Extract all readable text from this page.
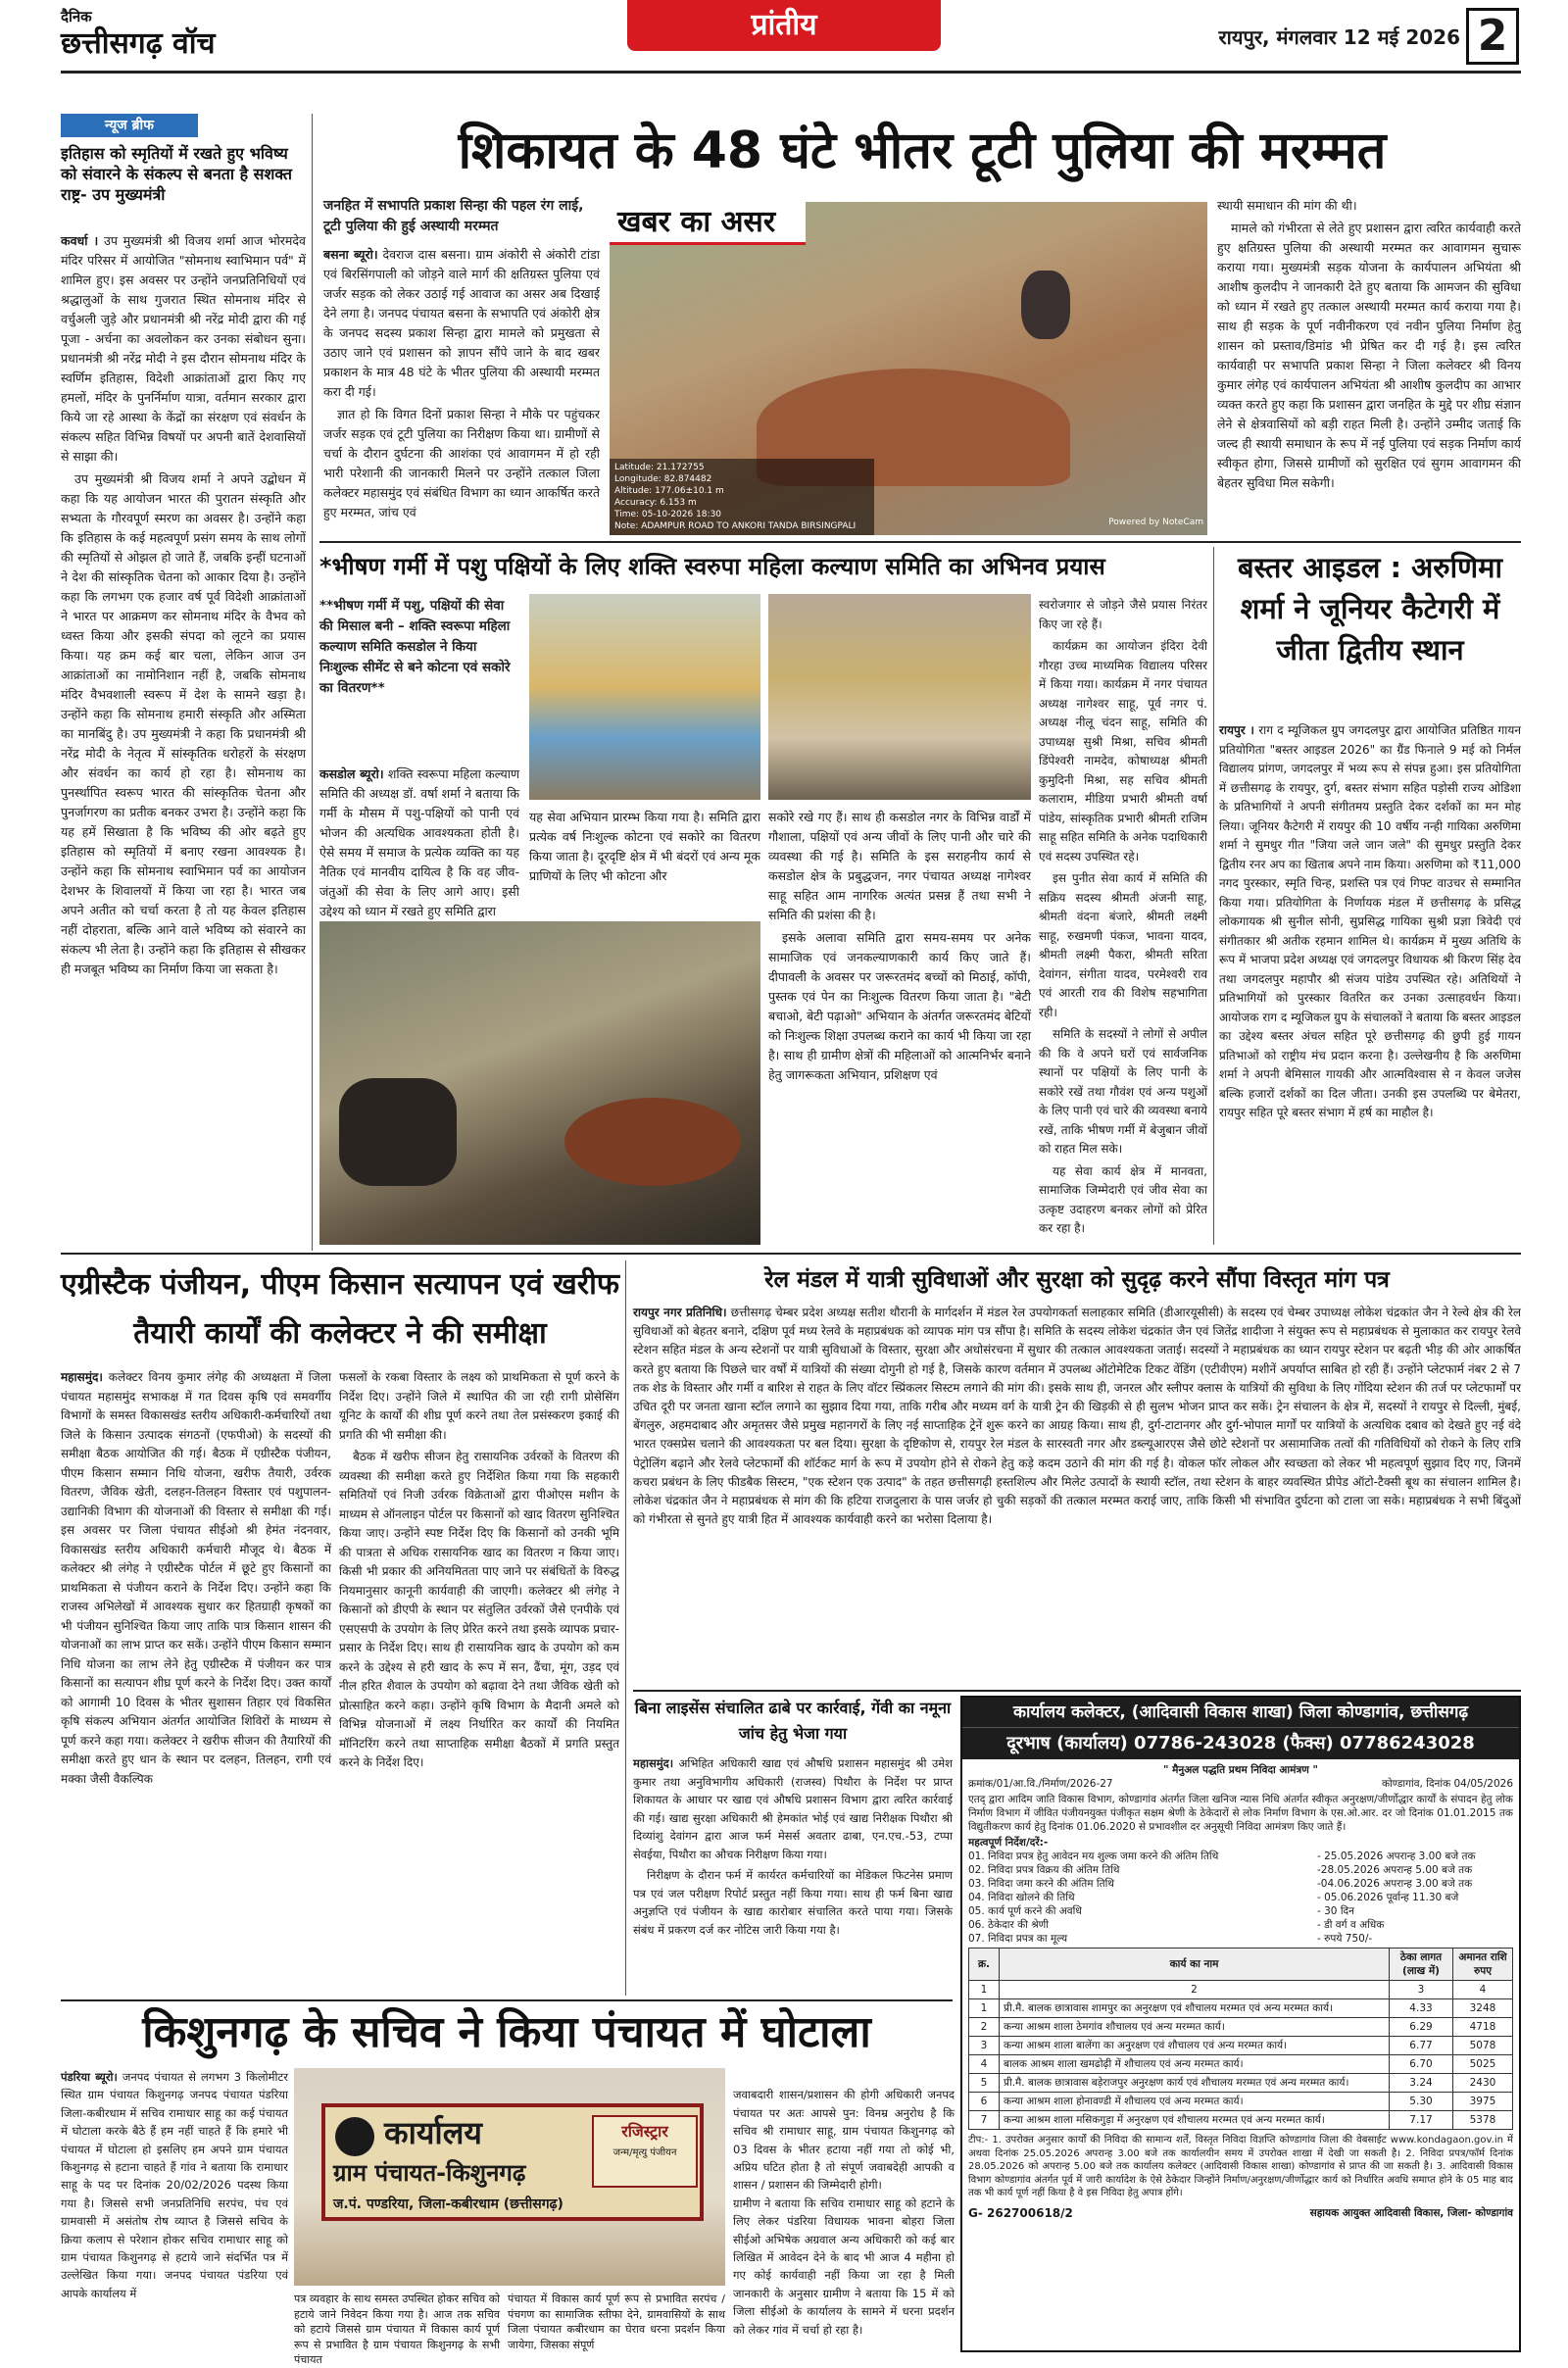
दैनिक
छत्तीसगढ़ वॉच
प्रांतीय	रायपुर, मंगलवार 12 मई 2026 2
न्यूज ब्रीफ
इतिहास को स्मृतियों में रखते हुए भविष्य को संवारने के संकल्प से बनता है सशक्त राष्ट्र- उप मुख्यमंत्री

कवर्धा । उप मुख्यमंत्री श्री विजय शर्मा आज भोरमदेव मंदिर परिसर में आयोजित "सोमनाथ स्वाभिमान पर्व" में शामिल हुए। इस अवसर पर उन्होंने जनप्रतिनिधियों एवं श्रद्धालुओं के साथ गुजरात स्थित सोमनाथ मंदिर से वर्चुअली जुड़े और प्रधानमंत्री श्री नरेंद्र मोदी द्वारा की गई पूजा - अर्चना का अवलोकन कर उनका संबोधन सुना। प्रधानमंत्री श्री नरेंद्र मोदी ने इस दौरान सोमनाथ मंदिर के स्वर्णिम इतिहास, विदेशी आक्रांताओं द्वारा किए गए हमलों, मंदिर के पुनर्निर्माण यात्रा, वर्तमान सरकार द्वारा किये जा रहे आस्था के केंद्रों का संरक्षण एवं संवर्धन के संकल्प सहित विभिन्न विषयों पर अपनी बातें देशवासियों से साझा की।

उप मुख्यमंत्री श्री विजय शर्मा ने अपने उद्बोधन में कहा कि यह आयोजन भारत की पुरातन संस्कृति और सभ्यता के गौरवपूर्ण स्मरण का अवसर है। उन्होंने कहा कि इतिहास के कई महत्वपूर्ण प्रसंग समय के साथ लोगों की स्मृतियों से ओझल हो जाते हैं, जबकि इन्हीं घटनाओं ने देश की सांस्कृतिक चेतना को आकार दिया है। उन्होंने कहा कि लगभग एक हजार वर्ष पूर्व विदेशी आक्रांताओं ने भारत पर आक्रमण कर सोमनाथ मंदिर के वैभव को ध्वस्त किया और इसकी संपदा को लूटने का प्रयास किया। यह क्रम कई बार चला, लेकिन आज उन आक्रांताओं का नामोनिशान नहीं है, जबकि सोमनाथ मंदिर वैभवशाली स्वरूप में देश के सामने खड़ा है। उन्होंने कहा कि सोमनाथ हमारी संस्कृति और अस्मिता का मानबिंदु है। उप मुख्यमंत्री ने कहा कि प्रधानमंत्री श्री नरेंद्र मोदी के नेतृत्व में सांस्कृतिक धरोहरों के संरक्षण और संवर्धन का कार्य हो रहा है। सोमनाथ का पुनर्स्थापित स्वरूप भारत की सांस्कृतिक चेतना और पुनर्जागरण का प्रतीक बनकर उभरा है। उन्होंने कहा कि यह हमें सिखाता है कि भविष्य की ओर बढ़ते हुए इतिहास को स्मृतियों में बनाए रखना आवश्यक है। उन्होंने कहा कि सोमनाथ स्वाभिमान पर्व का आयोजन देशभर के शिवालयों में किया जा रहा है। भारत जब अपने अतीत को चर्चा करता है तो यह केवल इतिहास नहीं दोहराता, बल्कि आने वाले भविष्य को संवारने का संकल्प भी लेता है। उन्होंने कहा कि इतिहास से सीखकर ही मजबूत भविष्य का निर्माण किया जा सकता है।

शिकायत के 48 घंटे भीतर टूटी पुलिया की मरम्मत
जनहित में सभापति प्रकाश सिन्हा की पहल रंग लाई, टूटी पुलिया की हुई अस्थायी मरम्मत

बसना ब्यूरो। देवराज दास बसना। ग्राम अंकोरी से अंकोरी टांडा एवं बिरसिंगपाली को जोड़ने वाले मार्ग की क्षतिग्रस्त पुलिया एवं जर्जर सड़क को लेकर उठाई गई आवाज का असर अब दिखाई देने लगा है। जनपद पंचायत बसना के सभापति एवं अंकोरी क्षेत्र के जनपद सदस्य प्रकाश सिन्हा द्वारा मामले को प्रमुखता से उठाए जाने एवं प्रशासन को ज्ञापन सौंपे जाने के बाद खबर प्रकाशन के मात्र 48 घंटे के भीतर पुलिया की अस्थायी मरम्मत करा दी गई।

ज्ञात हो कि विगत दिनों प्रकाश सिन्हा ने मौके पर पहुंचकर जर्जर सड़क एवं टूटी पुलिया का निरीक्षण किया था। ग्रामीणों से चर्चा के दौरान दुर्घटना की आशंका एवं आवागमन में हो रही भारी परेशानी की जानकारी मिलने पर उन्होंने तत्काल जिला कलेक्टर महासमुंद एवं संबंधित विभाग का ध्यान आकर्षित करते हुए मरम्मत, जांच एवं

खबर का असर
Latitude: 21.172755
Longitude: 82.874482
Altitude: 177.06±10.1 m
Accuracy: 6.153 m
Time: 05-10-2026 18:30
Note: ADAMPUR ROAD TO ANKORI TANDA BIRSINGPALI	Powered by NoteCam

स्थायी समाधान की मांग की थी।

मामले को गंभीरता से लेते हुए प्रशासन द्वारा त्वरित कार्यवाही करते हुए क्षतिग्रस्त पुलिया की अस्थायी मरम्मत कर आवागमन सुचारू कराया गया। मुख्यमंत्री सड़क योजना के कार्यपालन अभियंता श्री आशीष कुलदीप ने जानकारी देते हुए बताया कि आमजन की सुविधा को ध्यान में रखते हुए तत्काल अस्थायी मरम्मत कार्य कराया गया है। साथ ही सड़क के पूर्ण नवीनीकरण एवं नवीन पुलिया निर्माण हेतु शासन को प्रस्ताव/डिमांड भी प्रेषित कर दी गई है। इस त्वरित कार्यवाही पर सभापति प्रकाश सिन्हा ने जिला कलेक्टर श्री विनय कुमार लंगेह एवं कार्यपालन अभियंता श्री आशीष कुलदीप का आभार व्यक्त करते हुए कहा कि प्रशासन द्वारा जनहित के मुद्दे पर शीघ्र संज्ञान लेने से क्षेत्रवासियों को बड़ी राहत मिली है। उन्होंने उम्मीद जताई कि जल्द ही स्थायी समाधान के रूप में नई पुलिया एवं सड़क निर्माण कार्य स्वीकृत होगा, जिससे ग्रामीणों को सुरक्षित एवं सुगम आवागमन की बेहतर सुविधा मिल सकेगी।

*भीषण गर्मी में पशु पक्षियों के लिए शक्ति स्वरुपा महिला कल्याण समिति का अभिनव प्रयास
**भीषण गर्मी में पशु, पक्षियों की सेवा की मिसाल बनी – शक्ति स्वरूपा महिला कल्याण समिति कसडोल ने किया निःशुल्क सीमेंट से बने कोटना एवं सकोरे का वितरण**

कसडोल ब्यूरो। शक्ति स्वरूपा महिला कल्याण समिति की अध्यक्ष डॉ. वर्षा शर्मा ने बताया कि गर्मी के मौसम में पशु-पक्षियों को पानी एवं भोजन की अत्यधिक आवश्यकता होती है। ऐसे समय में समाज के प्रत्येक व्यक्ति का यह नैतिक एवं मानवीय दायित्व है कि वह जीव-जंतुओं की सेवा के लिए आगे आए। इसी उद्देश्य को ध्यान में रखते हुए समिति द्वारा

यह सेवा अभियान प्रारम्भ किया गया है। समिति द्वारा प्रत्येक वर्ष निःशुल्क कोटना एवं सकोरे का वितरण किया जाता है। दूरदृष्टि क्षेत्र में भी बंदरों एवं अन्य मूक प्राणियों के लिए भी कोटना और

सकोरे रखे गए हैं। साथ ही कसडोल नगर के विभिन्न वार्डों में गौशाला, पक्षियों एवं अन्य जीवों के लिए पानी और चारे की व्यवस्था की गई है। समिति के इस सराहनीय कार्य से कसडोल क्षेत्र के प्रबुद्धजन, नगर पंचायत अध्यक्ष नागेश्वर साहू सहित आम नागरिक अत्यंत प्रसन्न हैं तथा सभी ने समिति की प्रशंसा की है।

इसके अलावा समिति द्वारा समय-समय पर अनेक सामाजिक एवं जनकल्याणकारी कार्य किए जाते हैं। दीपावली के अवसर पर जरूरतमंद बच्चों को मिठाई, कॉपी, पुस्तक एवं पेन का निःशुल्क वितरण किया जाता है। "बेटी बचाओ, बेटी पढ़ाओ" अभियान के अंतर्गत जरूरतमंद बेटियों को निःशुल्क शिक्षा उपलब्ध कराने का कार्य भी किया जा रहा है। साथ ही ग्रामीण क्षेत्रों की महिलाओं को आत्मनिर्भर बनाने हेतु जागरूकता अभियान, प्रशिक्षण एवं

स्वरोजगार से जोड़ने जैसे प्रयास निरंतर किए जा रहे हैं।

कार्यक्रम का आयोजन इंदिरा देवी गौरहा उच्च माध्यमिक विद्यालय परिसर में किया गया। कार्यक्रम में नगर पंचायत अध्यक्ष नागेश्वर साहू, पूर्व नगर पं. अध्यक्ष नीलू चंदन साहू, समिति की उपाध्यक्ष सुश्री मिश्रा, सचिव श्रीमती डिंपेश्वरी नामदेव, कोषाध्यक्ष श्रीमती कुमुदिनी मिश्रा, सह सचिव श्रीमती कलाराम, मीडिया प्रभारी श्रीमती वर्षा पांडेय, सांस्कृतिक प्रभारी श्रीमती राजिम साहू सहित समिति के अनेक पदाधिकारी एवं सदस्य उपस्थित रहे।

इस पुनीत सेवा कार्य में समिति की सक्रिय सदस्य श्रीमती अंजनी साहू, श्रीमती वंदना बंजारे, श्रीमती लक्ष्मी साहू, रुखमणी पंकज, भावना यादव, श्रीमती लक्ष्मी पैकरा, श्रीमती सरिता देवांगन, संगीता यादव, परमेश्वरी राव एवं आरती राव की विशेष सहभागिता रही।

समिति के सदस्यों ने लोगों से अपील की कि वे अपने घरों एवं सार्वजनिक स्थानों पर पक्षियों के लिए पानी के सकोरे रखें तथा गौवंश एवं अन्य पशुओं के लिए पानी एवं चारे की व्यवस्था बनाये रखें, ताकि भीषण गर्मी में बेजुबान जीवों को राहत मिल सके।

यह सेवा कार्य क्षेत्र में मानवता, सामाजिक जिम्मेदारी एवं जीव सेवा का उत्कृष्ट उदाहरण बनकर लोगों को प्रेरित कर रहा है।

बस्तर आइडल : अरुणिमा शर्मा ने जूनियर कैटेगरी में जीता द्वितीय स्थान

रायपुर । राग द म्यूजिकल ग्रुप जगदलपुर द्वारा आयोजित प्रतिष्ठित गायन प्रतियोगिता "बस्तर आइडल 2026" का ग्रैंड फिनाले 9 मई को निर्मल विद्यालय प्रांगण, जगदलपुर में भव्य रूप से संपन्न हुआ। इस प्रतियोगिता में छत्तीसगढ़ के रायपुर, दुर्ग, बस्तर संभाग सहित पड़ोसी राज्य ओडिशा के प्रतिभागियों ने अपनी संगीतमय प्रस्तुति देकर दर्शकों का मन मोह लिया। जूनियर कैटेगरी में रायपुर की 10 वर्षीय नन्ही गायिका अरुणिमा शर्मा ने सुमधुर गीत "जिया जले जान जले" की सुमधुर प्रस्तुति देकर द्वितीय रनर अप का खिताब अपने नाम किया। अरुणिमा को ₹11,000 नगद पुरस्कार, स्मृति चिन्ह, प्रशस्ति पत्र एवं गिफ्ट वाउचर से सम्मानित किया गया। प्रतियोगिता के निर्णायक मंडल में छत्तीसगढ़ के प्रसिद्ध लोकगायक श्री सुनील सोनी, सुप्रसिद्ध गायिका सुश्री प्रज्ञा त्रिवेदी एवं संगीतकार श्री अतीक रहमान शामिल थे। कार्यक्रम में मुख्य अतिथि के रूप में भाजपा प्रदेश अध्यक्ष एवं जगदलपुर विधायक श्री किरण सिंह देव तथा जगदलपुर महापौर श्री संजय पांडेय उपस्थित रहे। अतिथियों ने प्रतिभागियों को पुरस्कार वितरित कर उनका उत्साहवर्धन किया। आयोजक राग द म्यूजिकल ग्रुप के संचालकों ने बताया कि बस्तर आइडल का उद्देश्य बस्तर अंचल सहित पूरे छत्तीसगढ़ की छुपी हुई गायन प्रतिभाओं को राष्ट्रीय मंच प्रदान करना है। उल्लेखनीय है कि अरुणिमा शर्मा ने अपनी बेमिसाल गायकी और आत्मविश्वास से न केवल जजेस बल्कि हजारों दर्शकों का दिल जीता। उनकी इस उपलब्धि पर बेमेतरा, रायपुर सहित पूरे बस्तर संभाग में हर्ष का माहौल है।

एग्रीस्टैक पंजीयन, पीएम किसान सत्यापन एवं खरीफ तैयारी कार्यों की कलेक्टर ने की समीक्षा

महासमुंद। कलेक्टर विनय कुमार लंगेह की अध्यक्षता में जिला पंचायत महासमुंद सभाकक्ष में गत दिवस कृषि एवं समवर्गीय विभागों के समस्त विकासखंड स्तरीय अधिकारी-कर्मचारियों तथा जिले के किसान उत्पादक संगठनों (एफपीओ) के सदस्यों की समीक्षा बैठक आयोजित की गई। बैठक में एग्रीस्टैक पंजीयन, पीएम किसान सम्मान निधि योजना, खरीफ तैयारी, उर्वरक वितरण, जैविक खेती, दलहन-तिलहन विस्तार एवं पशुपालन-उद्यानिकी विभाग की योजनाओं की विस्तार से समीक्षा की गई। इस अवसर पर जिला पंचायत सीईओ श्री हेमंत नंदनवार, विकासखंड स्तरीय अधिकारी कर्मचारी मौजूद थे। बैठक में कलेक्टर श्री लंगेह ने एग्रीस्टैक पोर्टल में छूटे हुए किसानों का प्राथमिकता से पंजीयन कराने के निर्देश दिए। उन्होंने कहा कि राजस्व अभिलेखों में आवश्यक सुधार कर हितग्राही कृषकों का भी पंजीयन सुनिश्चित किया जाए ताकि पात्र किसान शासन की योजनाओं का लाभ प्राप्त कर सकें। उन्होंने पीएम किसान सम्मान निधि योजना का लाभ लेने हेतु एग्रीस्टैक में पंजीयन कर पात्र किसानों का सत्यापन शीघ्र पूर्ण करने के निर्देश दिए। उक्त कार्यों को आगामी 10 दिवस के भीतर सुशासन तिहार एवं विकसित कृषि संकल्प अभियान अंतर्गत आयोजित शिविरों के माध्यम से पूर्ण करने कहा गया। कलेक्टर ने खरीफ सीजन की तैयारियों की समीक्षा करते हुए धान के स्थान पर दलहन, तिलहन, रागी एवं मक्का जैसी वैकल्पिक

फसलों के रकबा विस्तार के लक्ष्य को प्राथमिकता से पूर्ण करने के निर्देश दिए। उन्होंने जिले में स्थापित की जा रही रागी प्रोसेसिंग यूनिट के कार्यों की शीघ्र पूर्ण करने तथा तेल प्रसंस्करण इकाई की प्रगति की भी समीक्षा की।

बैठक में खरीफ सीजन हेतु रासायनिक उर्वरकों के वितरण की व्यवस्था की समीक्षा करते हुए निर्देशित किया गया कि सहकारी समितियों एवं निजी उर्वरक विक्रेताओं द्वारा पीओएस मशीन के माध्यम से ऑनलाइन पोर्टल पर किसानों को खाद वितरण सुनिश्चित किया जाए। उन्होंने स्पष्ट निर्देश दिए कि किसानों को उनकी भूमि की पात्रता से अधिक रासायनिक खाद का वितरण न किया जाए। किसी भी प्रकार की अनियमितता पाए जाने पर संबंधितों के विरुद्ध नियमानुसार कानूनी कार्यवाही की जाएगी। कलेक्टर श्री लंगेह ने किसानों को डीएपी के स्थान पर संतुलित उर्वरकों जैसे एनपीके एवं एसएसपी के उपयोग के लिए प्रेरित करने तथा इसके व्यापक प्रचार-प्रसार के निर्देश दिए। साथ ही रासायनिक खाद के उपयोग को कम करने के उद्देश्य से हरी खाद के रूप में सन, ढैंचा, मूंग, उड़द एवं नील हरित शैवाल के उपयोग को बढ़ावा देने तथा जैविक खेती को प्रोत्साहित करने कहा। उन्होंने कृषि विभाग के मैदानी अमले को विभिन्न योजनाओं में लक्ष्य निर्धारित कर कार्यों की नियमित मॉनिटरिंग करने तथा साप्ताहिक समीक्षा बैठकों में प्रगति प्रस्तुत करने के निर्देश दिए।

रेल मंडल में यात्री सुविधाओं और सुरक्षा को सुदृढ़ करने सौंपा विस्तृत मांग पत्र

रायपुर नगर प्रतिनिधि। छत्तीसगढ़ चेम्बर प्रदेश अध्यक्ष सतीश थौरानी के मार्गदर्शन में मंडल रेल उपयोगकर्ता सलाहकार समिति (डीआरयूसीसी) के सदस्य एवं चेम्बर उपाध्यक्ष लोकेश चंद्रकांत जैन ने रेल्वे क्षेत्र की रेल सुविधाओं को बेहतर बनाने, दक्षिण पूर्व मध्य रेलवे के महाप्रबंधक को व्यापक मांग पत्र सौंपा है। समिति के सदस्य लोकेश चंद्रकांत जैन एवं जितेंद्र शादीजा ने संयुक्त रूप से महाप्रबंधक से मुलाकात कर रायपुर रेलवे स्टेशन सहित मंडल के अन्य स्टेशनों पर यात्री सुविधाओं के विस्तार, सुरक्षा और अधोसंरचना में सुधार की तत्काल आवश्यकता जताई। सदस्यों ने महाप्रबंधक का ध्यान रायपुर स्टेशन पर बढ़ती भीड़ की ओर आकर्षित करते हुए बताया कि पिछले चार वर्षों में यात्रियों की संख्या दोगुनी हो गई है, जिसके कारण वर्तमान में उपलब्ध ऑटोमेटिक टिकट वेंडिंग (एटीवीएम) मशीनें अपर्याप्त साबित हो रही हैं। उन्होंने प्लेटफार्म नंबर 2 से 7 तक शेड के विस्तार और गर्मी व बारिश से राहत के लिए वॉटर स्प्रिंकलर सिस्टम लगाने की मांग की। इसके साथ ही, जनरल और स्लीपर क्लास के यात्रियों की सुविधा के लिए गोंदिया स्टेशन की तर्ज पर प्लेटफार्मों पर उचित दूरी पर जनता खाना स्टॉल लगाने का सुझाव दिया गया, ताकि गरीब और मध्यम वर्ग के यात्री ट्रेन की खिड़की से ही सुलभ भोजन प्राप्त कर सकें। ट्रेन संचालन के क्षेत्र में, सदस्यों ने रायपुर से दिल्ली, मुंबई, बेंगलुरु, अहमदाबाद और अमृतसर जैसे प्रमुख महानगरों के लिए नई साप्ताहिक ट्रेनें शुरू करने का आग्रह किया। साथ ही, दुर्ग-टाटानगर और दुर्ग-भोपाल मार्गों पर यात्रियों के अत्यधिक दबाव को देखते हुए नई वंदे भारत एक्सप्रेस चलाने की आवश्यकता पर बल दिया। सुरक्षा के दृष्टिकोण से, रायपुर रेल मंडल के सारस्वती नगर और डब्ल्यूआरएस जैसे छोटे स्टेशनों पर असामाजिक तत्वों की गतिविधियों को रोकने के लिए रात्रि पेट्रोलिंग बढ़ाने और रेलवे प्लेटफार्मों की शॉर्टकट मार्ग के रूप में उपयोग होने से रोकने हेतु कड़े कदम उठाने की मांग की गई है। वोकल फॉर लोकल और स्वच्छता को लेकर भी महत्वपूर्ण सुझाव दिए गए, जिनमें कचरा प्रबंधन के लिए फीडबैक सिस्टम, "एक स्टेशन एक उत्पाद" के तहत छत्तीसगढ़ी हस्तशिल्प और मिलेट उत्पादों के स्थायी स्टॉल, तथा स्टेशन के बाहर व्यवस्थित प्रीपेड ऑटो-टैक्सी बूथ का संचालन शामिल है। लोकेश चंद्रकांत जैन ने महाप्रबंधक से मांग की कि हटिया राजदुलारा के पास जर्जर हो चुकी सड़कों की तत्काल मरम्मत कराई जाए, ताकि किसी भी संभावित दुर्घटना को टाला जा सके। महाप्रबंधक ने सभी बिंदुओं को गंभीरता से सुनते हुए यात्री हित में आवश्यक कार्यवाही करने का भरोसा दिलाया है।

बिना लाइसेंस संचालित ढाबे पर कार्रवाई, गेंवी का नमूना जांच हेतु भेजा गया

महासमुंद। अभिहित अधिकारी खाद्य एवं औषधि प्रशासन महासमुंद श्री उमेश कुमार तथा अनुविभागीय अधिकारी (राजस्व) पिथौरा के निर्देश पर प्राप्त शिकायत के आधार पर खाद्य एवं औषधि प्रशासन विभाग द्वारा त्वरित कार्रवाई की गई। खाद्य सुरक्षा अधिकारी श्री हेमकांत भोई एवं खाद्य निरीक्षक पिथौरा श्री दिव्यांशु देवांगन द्वारा आज फर्म मेसर्स अवतार ढाबा, एन.एच.-53, टप्पा सेवईया, पिथौरा का औचक निरीक्षण किया गया।

निरीक्षण के दौरान फर्म में कार्यरत कर्मचारियों का मेडिकल फिटनेस प्रमाण पत्र एवं जल परीक्षण रिपोर्ट प्रस्तुत नहीं किया गया। साथ ही फर्म बिना खाद्य अनुज्ञप्ति एवं पंजीयन के खाद्य कारोबार संचालित करते पाया गया। जिसके संबंध में प्रकरण दर्ज कर नोटिस जारी किया गया है।

कार्यालय कलेक्टर, (आदिवासी विकास शाखा) जिला कोण्डागांव, छत्तीसगढ़
दूरभाष (कार्यालय) 07786-243028 (फैक्स) 07786243028
" मैनुअल पद्धति प्रथम निविदा आमंत्रण "
क्रमांक/01/आ.वि./निर्माण/2026-27	कोण्डागांव, दिनांक 04/05/2026
एतद् द्वारा आदिम जाति विकास विभाग, कोण्डागांव अंतर्गत जिला खनिज न्यास निधि अंतर्गत स्वीकृत अनुरक्षण/जीर्णोद्धार कार्यों के संपादन हेतु लोक निर्माण विभाग में जीवित पंजीयनयुक्त पंजीकृत सक्षम श्रेणी के ठेकेदारों से लोक निर्माण विभाग के एस.ओ.आर. दर जो दिनांक 01.01.2015 तक विद्युतीकरण कार्य हेतु दिनांक 01.06.2020 से प्रभावशील दर अनुसूची निविदा आमंत्रण किए जाते हैं।
महत्वपूर्ण निर्देश/दरें:-
01. निविदा प्रपत्र हेतु आवेदन मय शुल्क जमा करने की अंतिम तिथि	- 25.05.2026 अपरान्ह 3.00 बजे तक
02. निविदा प्रपत्र विक्रय की अंतिम तिथि	-28.05.2026 अपरान्ह 5.00 बजे तक
03. निविदा जमा करने की अंतिम तिथि	-04.06.2026 अपरान्ह 3.00 बजे तक
04. निविदा खोलने की तिथि	- 05.06.2026 पूर्वान्ह 11.30 बजे
05. कार्य पूर्ण करने की अवधि	- 30 दिन
06. ठेकेदार की श्रेणी	- डी वर्ग व अधिक
07. निविदा प्रपत्र का मूल्य	- रुपये 750/-
क्र.	कार्य का नाम	ठेका लागत (लाख में)	अमानत राशि रुपए
1	2	3	4
1	प्री.मै. बालक छात्रावास शामपुर का अनुरक्षण एवं शौचालय मरम्मत एवं अन्य मरम्मत कार्य।	4.33	3248
2	कन्या आश्रम शाला ठेमगांव शौचालय एवं अन्य मरम्मत कार्य।	6.29	4718
3	कन्या आश्रम शाला बालेंगा का अनुरक्षण एवं शौचालय एवं अन्य मरम्मत कार्य।	6.77	5078
4	बालक आश्रम शाला खमढोढ़ी में शौचालय एवं अन्य मरम्मत कार्य।	6.70	5025
5	प्री.मै. बालक छात्रावास बड़ेराजपुर अनुरक्षण कार्य एवं शौचालय मरम्मत एवं अन्य मरम्मत कार्य।	3.24	2430
6	कन्या आश्रम शाला होनावण्डी में शौचालय एवं अन्य मरम्मत कार्य।	5.30	3975
7	कन्या आश्रम शाला मसिकगुड़ा में अनुरक्षण एवं शौचालय मरम्मत एवं अन्य मरम्मत कार्य।	7.17	5378
टीप:- 1. उपरोक्त अनुसार कार्यों की निविदा की सामान्य शर्तें, विस्तृत निविदा विज्ञप्ति कोण्डागांव जिला की वेबसाईट www.kondagaon.gov.in में अथवा दिनांक 25.05.2026 अपरान्ह 3.00 बजे तक कार्यालयीन समय में उपरोक्त शाखा में देखी जा सकती है। 2. निविदा प्रपत्र/फॉर्म दिनांक 28.05.2026 को अपरान्ह 5.00 बजे तक कार्यालय कलेक्टर (आदिवासी विकास शाखा) कोण्डागांव से प्राप्त की जा सकती है। 3. आदिवासी विकास विभाग कोण्डागांव अंतर्गत पूर्व में जारी कार्यादेश के ऐसे ठेकेदार जिन्होंने निर्माण/अनुरक्षण/जीर्णोद्धार कार्य को निर्धारित अवधि समाप्त होने के 05 माह बाद तक भी कार्य पूर्ण नहीं किया है वे इस निविदा हेतु अपात्र होंगे।
G- 262700618/2	सहायक आयुक्त आदिवासी विकास, जिला- कोण्डागांव
किशुनगढ़ के सचिव ने किया पंचायत में घोटाला

पंडरिया ब्यूरो। जनपद पंचायत से लगभग 3 किलोमीटर स्थित ग्राम पंचायत किशुनगढ़ जनपद पंचायत पंडरिया जिला-कबीरधाम में सचिव रामाधार साहू का कई पंचायत में घोटाला करके बैठे हैं हम नहीं चाहते हैं कि हमारे भी पंचायत में घोटाला हो इसलिए हम अपने ग्राम पंचायत किशुनगढ़ से हटाना चाहते हैं गांव ने बताया कि रामाधार साहू के पद पर दिनांक 20/02/2026 पदस्थ किया गया है। जिससे सभी जनप्रतिनिधि सरपंच, पंच एवं ग्रामवासी में असंतोष रोष व्याप्त है जिससे सचिव के क्रिया कलाप से परेशान होकर सचिव रामाधार साहू को ग्राम पंचायत किशुनगढ़ से हटाये जाने संदर्भित पत्र में उल्लेखित किया गया। जनपद पंचायत पंडरिया एवं आपके कार्यालय में

कार्यालय
ग्राम पंचायत-किशुनगढ़
ज.पं. पण्डरिया, जिला-कबीरधाम (छत्तीसगढ़)
रजिस्ट्रार
जन्म/मृत्यु पंजीयन

पत्र व्यवहार के साथ समस्त उपस्थित होकर सचिव को हटाये जाने निवेदन किया गया है। आज तक सचिव को हटाये जिससे ग्राम पंचायत में विकास कार्य पूर्ण रूप से प्रभावित है ग्राम पंचायत किशुनगढ़ के सभी पंचायत

पंचायत में विकास कार्य पूर्ण रूप से प्रभावित सरपंच / पंचगण का सामाजिक स्तीफा देने, ग्रामवासियों के साथ जिला पंचायत कबीरधाम का घेराव धरना प्रदर्शन किया जायेगा, जिसका संपूर्ण

जवाबदारी शासन/प्रशासन की होगी अधिकारी जनपद पंचायत पर अतः आपसे पुन: विनम्र अनुरोध है कि सचिव श्री रामाधार साहू, ग्राम पंचायत किशुनगढ़ को 03 दिवस के भीतर हटाया नहीं गया तो कोई भी, अप्रिय घटित होता है तो संपूर्ण जवाबदेही आपकी व शासन / प्रशासन की जिम्मेदारी होगी।
ग्रामीण ने बताया कि सचिव रामाधार साहू को हटाने के लिए लेकर पंडरिया विधायक भावना बोहरा जिला सीईओ अभिषेक अग्रवाल अन्य अधिकारी को कई बार लिखित में आवेदन देने के बाद भी आज 4 महीना हो गए कोई कार्यवाही नहीं किया जा रहा है मिली जानकारी के अनुसार ग्रामीण ने बताया कि 15 में को जिला सीईओ के कार्यालय के सामने में धरना प्रदर्शन को लेकर गांव में चर्चा हो रहा है।
